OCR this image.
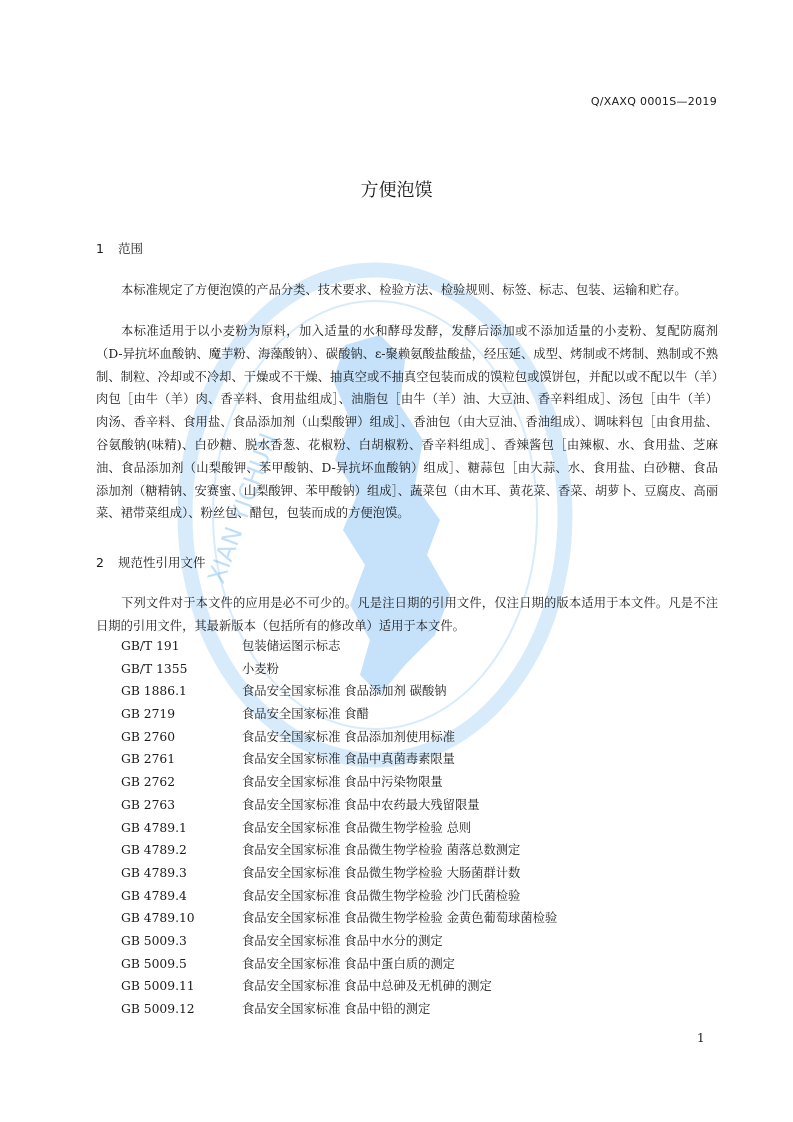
XIAN YICHUN
Q/XAXQ 0001S—2019
方便泡馍
1 范围

本标准规定了方便泡馍的产品分类、技术要求、检验方法、检验规则、标签、标志、包装、运输和贮存。

本标准适用于以小麦粉为原料，加入适量的水和酵母发酵，发酵后添加或不添加适量的小麦粉、复配防腐剂（D-异抗坏血酸钠、魔芋粉、海藻酸钠）、碳酸钠、ε-聚赖氨酸盐酸盐，经压延、成型、烤制或不烤制、熟制或不熟制、制粒、冷却或不冷却、干燥或不干燥、抽真空或不抽真空包装而成的馍粒包或馍饼包，并配以或不配以牛（羊）肉包［由牛（羊）肉、香辛料、食用盐组成］、油脂包［由牛（羊）油、大豆油、香辛料组成］、汤包［由牛（羊）肉汤、香辛料、食用盐、食品添加剂（山梨酸钾）组成］、香油包（由大豆油、香油组成）、调味料包［由食用盐、谷氨酸钠(味精)、白砂糖、脱水香葱、花椒粉、白胡椒粉、香辛料组成］、香辣酱包［由辣椒、水、食用盐、芝麻油、食品添加剂（山梨酸钾、苯甲酸钠、D-异抗坏血酸钠）组成］、糖蒜包［由大蒜、水、食用盐、白砂糖、食品添加剂（糖精钠、安赛蜜、山梨酸钾、苯甲酸钠）组成］、蔬菜包（由木耳、黄花菜、香菜、胡萝卜、豆腐皮、高丽菜、裙带菜组成）、粉丝包、醋包，包装而成的方便泡馍。

2 规范性引用文件

下列文件对于本文件的应用是必不可少的。凡是注日期的引用文件，仅注日期的版本适用于本文件。凡是不注日期的引用文件，其最新版本（包括所有的修改单）适用于本文件。

GB/T 191	包装储运图示标志
GB/T 1355	小麦粉
GB 1886.1	食品安全国家标准 食品添加剂 碳酸钠
GB 2719	食品安全国家标准 食醋
GB 2760	食品安全国家标准 食品添加剂使用标准
GB 2761	食品安全国家标准 食品中真菌毒素限量
GB 2762	食品安全国家标准 食品中污染物限量
GB 2763	食品安全国家标准 食品中农药最大残留限量
GB 4789.1	食品安全国家标准 食品微生物学检验 总则
GB 4789.2	食品安全国家标准 食品微生物学检验 菌落总数测定
GB 4789.3	食品安全国家标准 食品微生物学检验 大肠菌群计数
GB 4789.4	食品安全国家标准 食品微生物学检验 沙门氏菌检验
GB 4789.10	食品安全国家标准 食品微生物学检验 金黄色葡萄球菌检验
GB 5009.3	食品安全国家标准 食品中水分的测定
GB 5009.5	食品安全国家标准 食品中蛋白质的测定
GB 5009.11	食品安全国家标准 食品中总砷及无机砷的测定
GB 5009.12	食品安全国家标准 食品中铅的测定
1
